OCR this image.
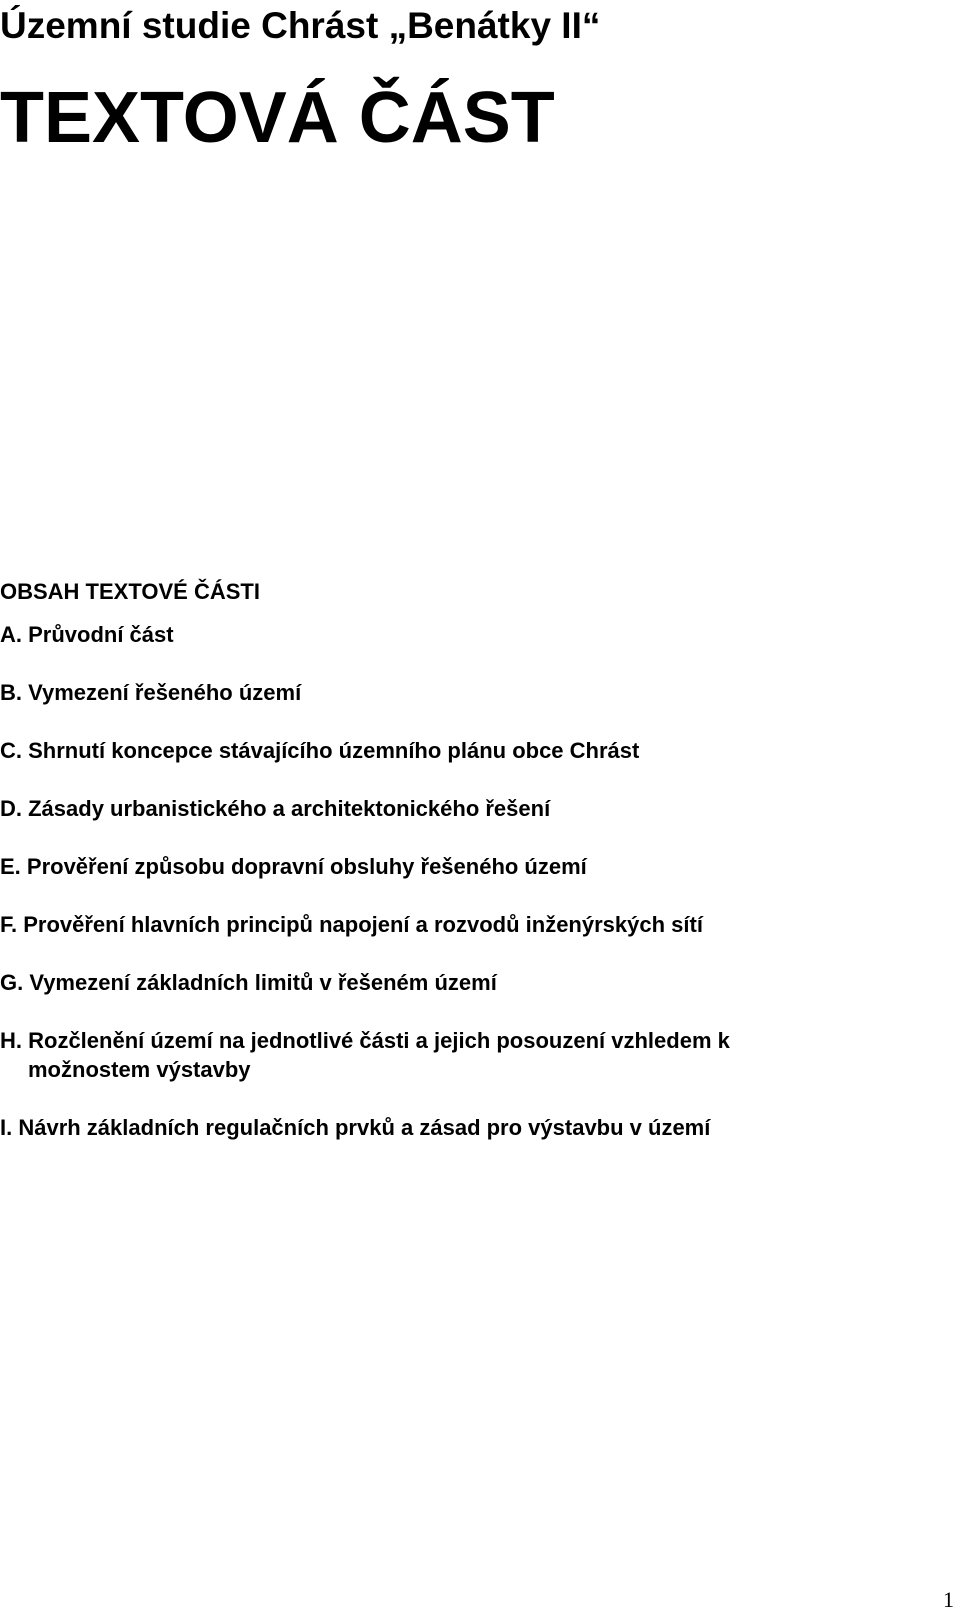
Územní studie Chrást „Benátky II“
TEXTOVÁ ČÁST
OBSAH TEXTOVÉ ČÁSTI
A. Průvodní část
B. Vymezení řešeného území
C. Shrnutí koncepce stávajícího územního plánu obce Chrást
D. Zásady urbanistického a architektonického řešení
E. Prověření způsobu dopravní obsluhy řešeného území
F. Prověření hlavních principů napojení a rozvodů inženýrských sítí
G. Vymezení základních limitů v řešeném území
H. Rozčlenění území na jednotlivé části a jejich posouzení vzhledem k možnostem výstavby
I. Návrh základních regulačních prvků a zásad pro výstavbu v území
1
